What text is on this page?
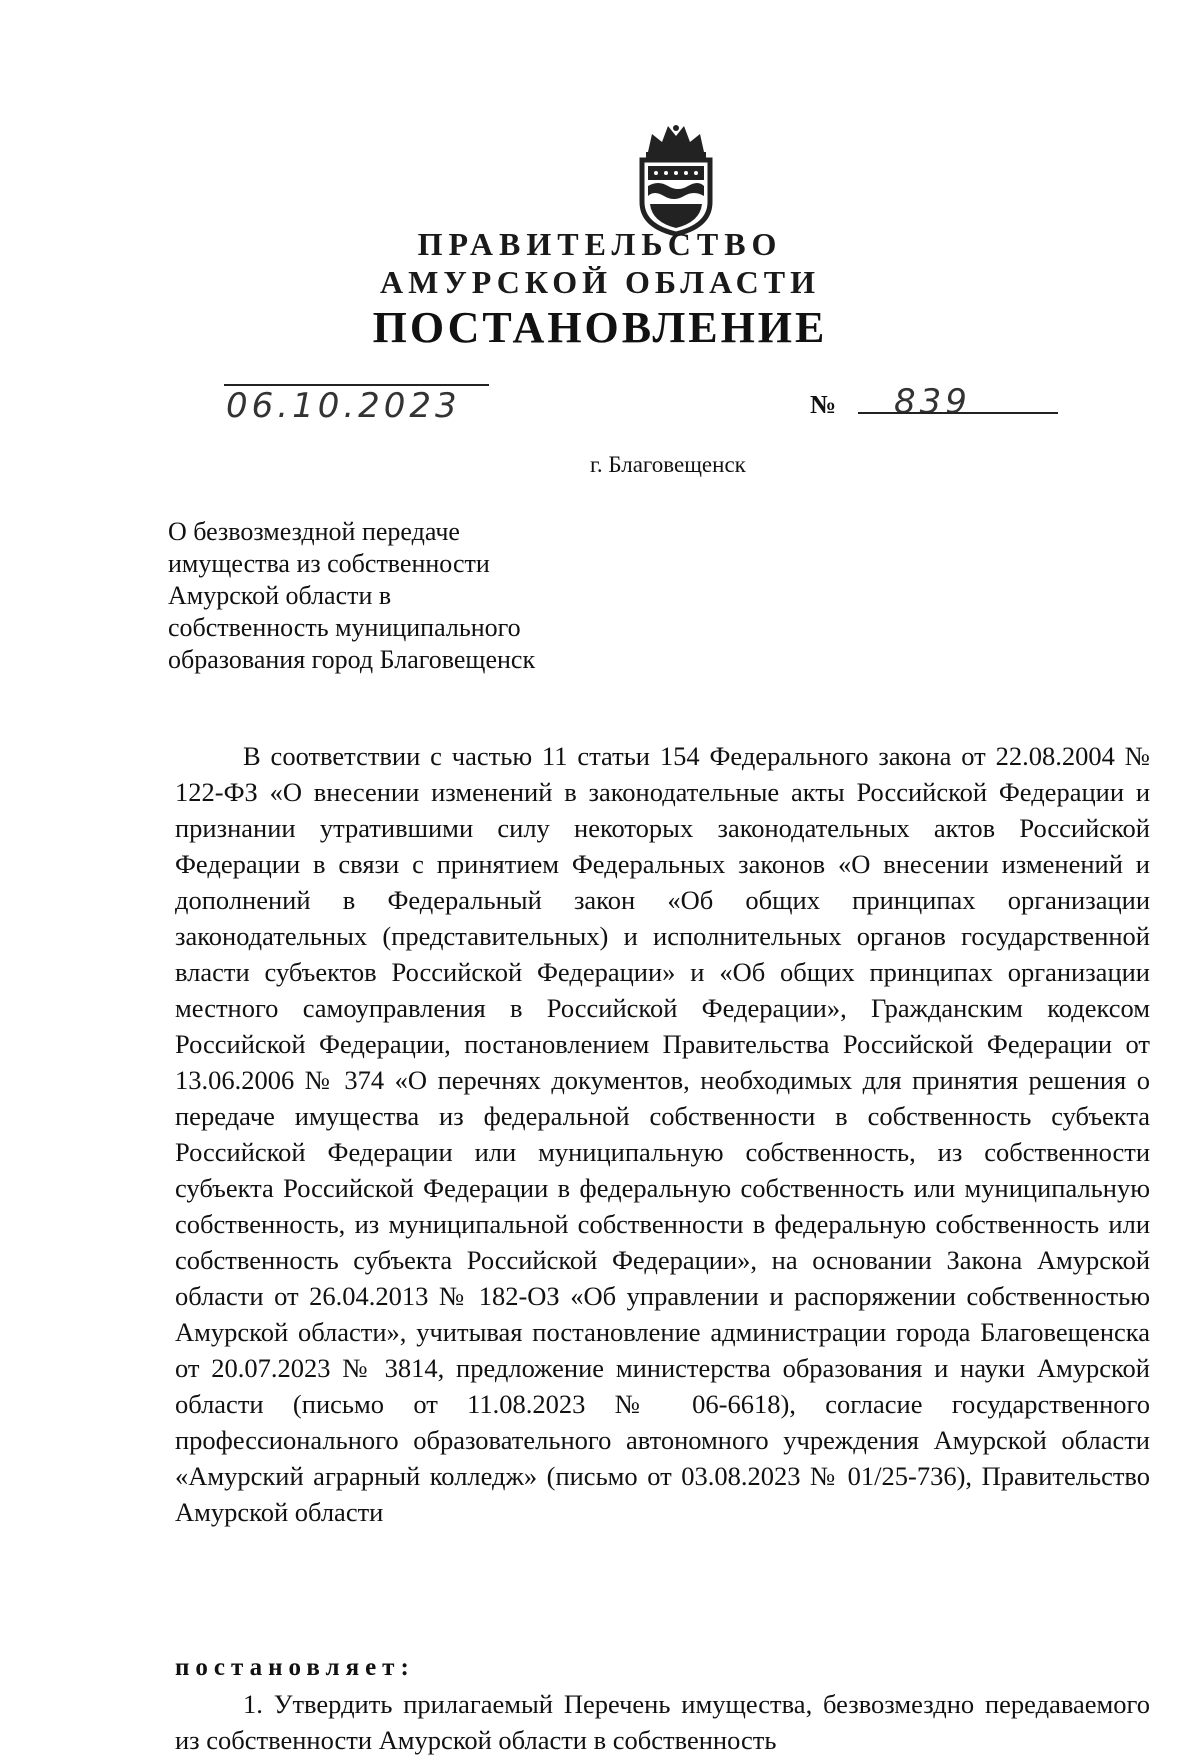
ПРАВИТЕЛЬСТВО
АМУРСКОЙ ОБЛАСТИ
ПОСТАНОВЛЕНИЕ
06.10.2023	№ 839
г. Благовещенск
О безвозмездной передаче
имущества из собственности
Амурской области в
собственность муниципального
образования город Благовещенск
В соответствии с частью 11 статьи 154 Федерального закона от 22.08.2004 № 122-ФЗ «О внесении изменений в законодательные акты Российской Федерации и признании утратившими силу некоторых законодательных актов Российской Федерации в связи с принятием Федеральных законов «О внесении изменений и дополнений в Федеральный закон «Об общих принципах организации законодательных (представительных) и исполнительных органов государственной власти субъектов Российской Федерации» и «Об общих принципах организации местного самоуправления в Российской Федерации», Гражданским кодексом Российской Федерации, постановлением Правительства Российской Федерации от 13.06.2006 № 374 «О перечнях документов, необходимых для принятия решения о передаче имущества из федеральной собственности в собственность субъекта Российской Федерации или муниципальную собственность, из собственности субъекта Российской Федерации в федеральную собственность или муниципальную собственность, из муниципальной собственности в федеральную собственность или собственность субъекта Российской Федерации», на основании Закона Амурской области от 26.04.2013 № 182-ОЗ «Об управлении и распоряжении собственностью Амурской области», учитывая постановление администрации города Благовещенска от 20.07.2023 № 3814, предложение министерства образования и науки Амурской области (письмо от 11.08.2023 № 06-6618), согласие государственного профессионального образовательного автономного учреждения Амурской области «Амурский аграрный колледж» (письмо от 03.08.2023 № 01/25-736), Правительство Амурской области
постановляет:
1. Утвердить прилагаемый Перечень имущества, безвозмездно передаваемого из собственности Амурской области в собственность
